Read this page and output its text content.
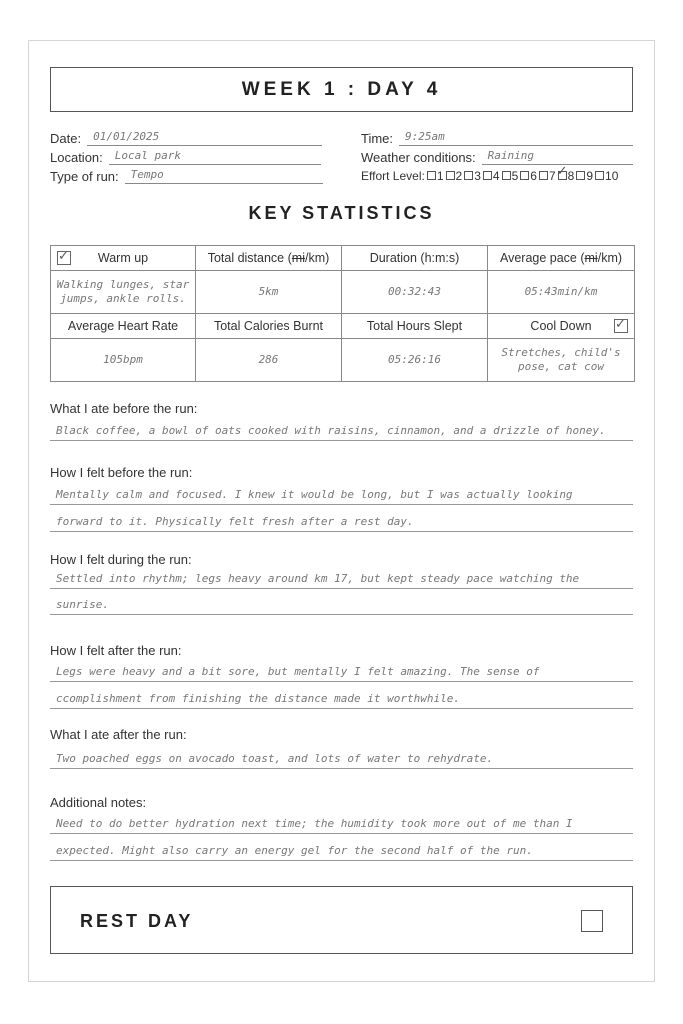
WEEK 1 : DAY 4
Date:	01/01/2025
Location:	Local park
Type of run:	Tempo
Time:	9:25am
Weather conditions:	Raining
Effort Level: 1 2 3 4 5 6 7 ✓ 8 9 10
KEY STATISTICS
✓
Warm up	Total distance (mi/km)	Duration (h:m:s)	Average pace (mi/km)
Walking lunges, star jumps, ankle rolls.	5km	00:32:43	05:43min/km
Average Heart Rate	Total Calories Burnt	Total Hours Slept	Cool Down
✓

105bpm	286	05:26:16	Stretches, child's pose, cat cow
What I ate before the run:
Black coffee, a bowl of oats cooked with raisins, cinnamon, and a drizzle of honey.
How I felt before the run:
Mentally calm and focused. I knew it would be long, but I was actually looking
forward to it. Physically felt fresh after a rest day.
How I felt during the run:
Settled into rhythm; legs heavy around km 17, but kept steady pace watching the
sunrise.
How I felt after the run:
Legs were heavy and a bit sore, but mentally I felt amazing. The sense of
ccomplishment from finishing the distance made it worthwhile.
What I ate after the run:
Two poached eggs on avocado toast, and lots of water to rehydrate.
Additional notes:
Need to do better hydration next time; the humidity took more out of me than I
expected. Might also carry an energy gel for the second half of the run.
REST DAY
